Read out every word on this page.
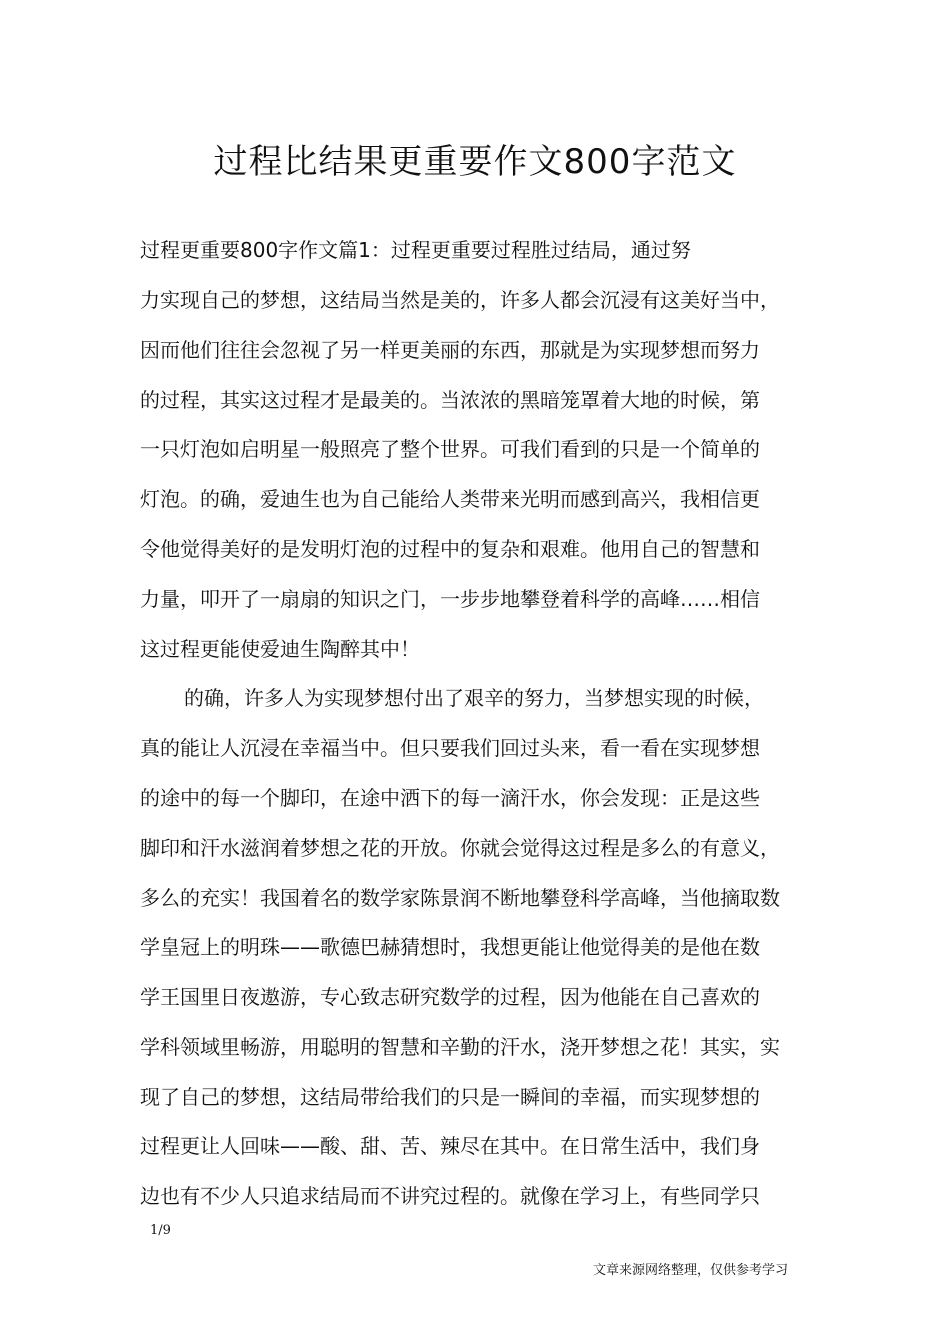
过程比结果更重要作文800字范文

过程更重要800字作文篇1：过程更重要过程胜过结局，通过努

力实现自己的梦想，这结局当然是美的，许多人都会沉浸有这美好当中，

因而他们往往会忽视了另一样更美丽的东西，那就是为实现梦想而努力

的过程，其实这过程才是最美的。当浓浓的黑暗笼罩着大地的时候，第

一只灯泡如启明星一般照亮了整个世界。可我们看到的只是一个简单的

灯泡。的确，爱迪生也为自己能给人类带来光明而感到高兴，我相信更

令他觉得美好的是发明灯泡的过程中的复杂和艰难。他用自己的智慧和

力量，叩开了一扇扇的知识之门，一步步地攀登着科学的高峰……相信

这过程更能使爱迪生陶醉其中！

的确，许多人为实现梦想付出了艰辛的努力，当梦想实现的时候，

真的能让人沉浸在幸福当中。但只要我们回过头来，看一看在实现梦想

的途中的每一个脚印，在途中洒下的每一滴汗水，你会发现：正是这些

脚印和汗水滋润着梦想之花的开放。你就会觉得这过程是多么的有意义，

多么的充实！我国着名的数学家陈景润不断地攀登科学高峰，当他摘取数

学皇冠上的明珠——歌德巴赫猜想时，我想更能让他觉得美的是他在数

学王国里日夜遨游，专心致志研究数学的过程，因为他能在自己喜欢的

学科领域里畅游，用聪明的智慧和辛勤的汗水，浇开梦想之花！其实，实

现了自己的梦想，这结局带给我们的只是一瞬间的幸福，而实现梦想的

过程更让人回味——酸、甜、苦、辣尽在其中。在日常生活中，我们身

边也有不少人只追求结局而不讲究过程的。就像在学习上，有些同学只

1/9
文章来源网络整理，仅供参考学习
